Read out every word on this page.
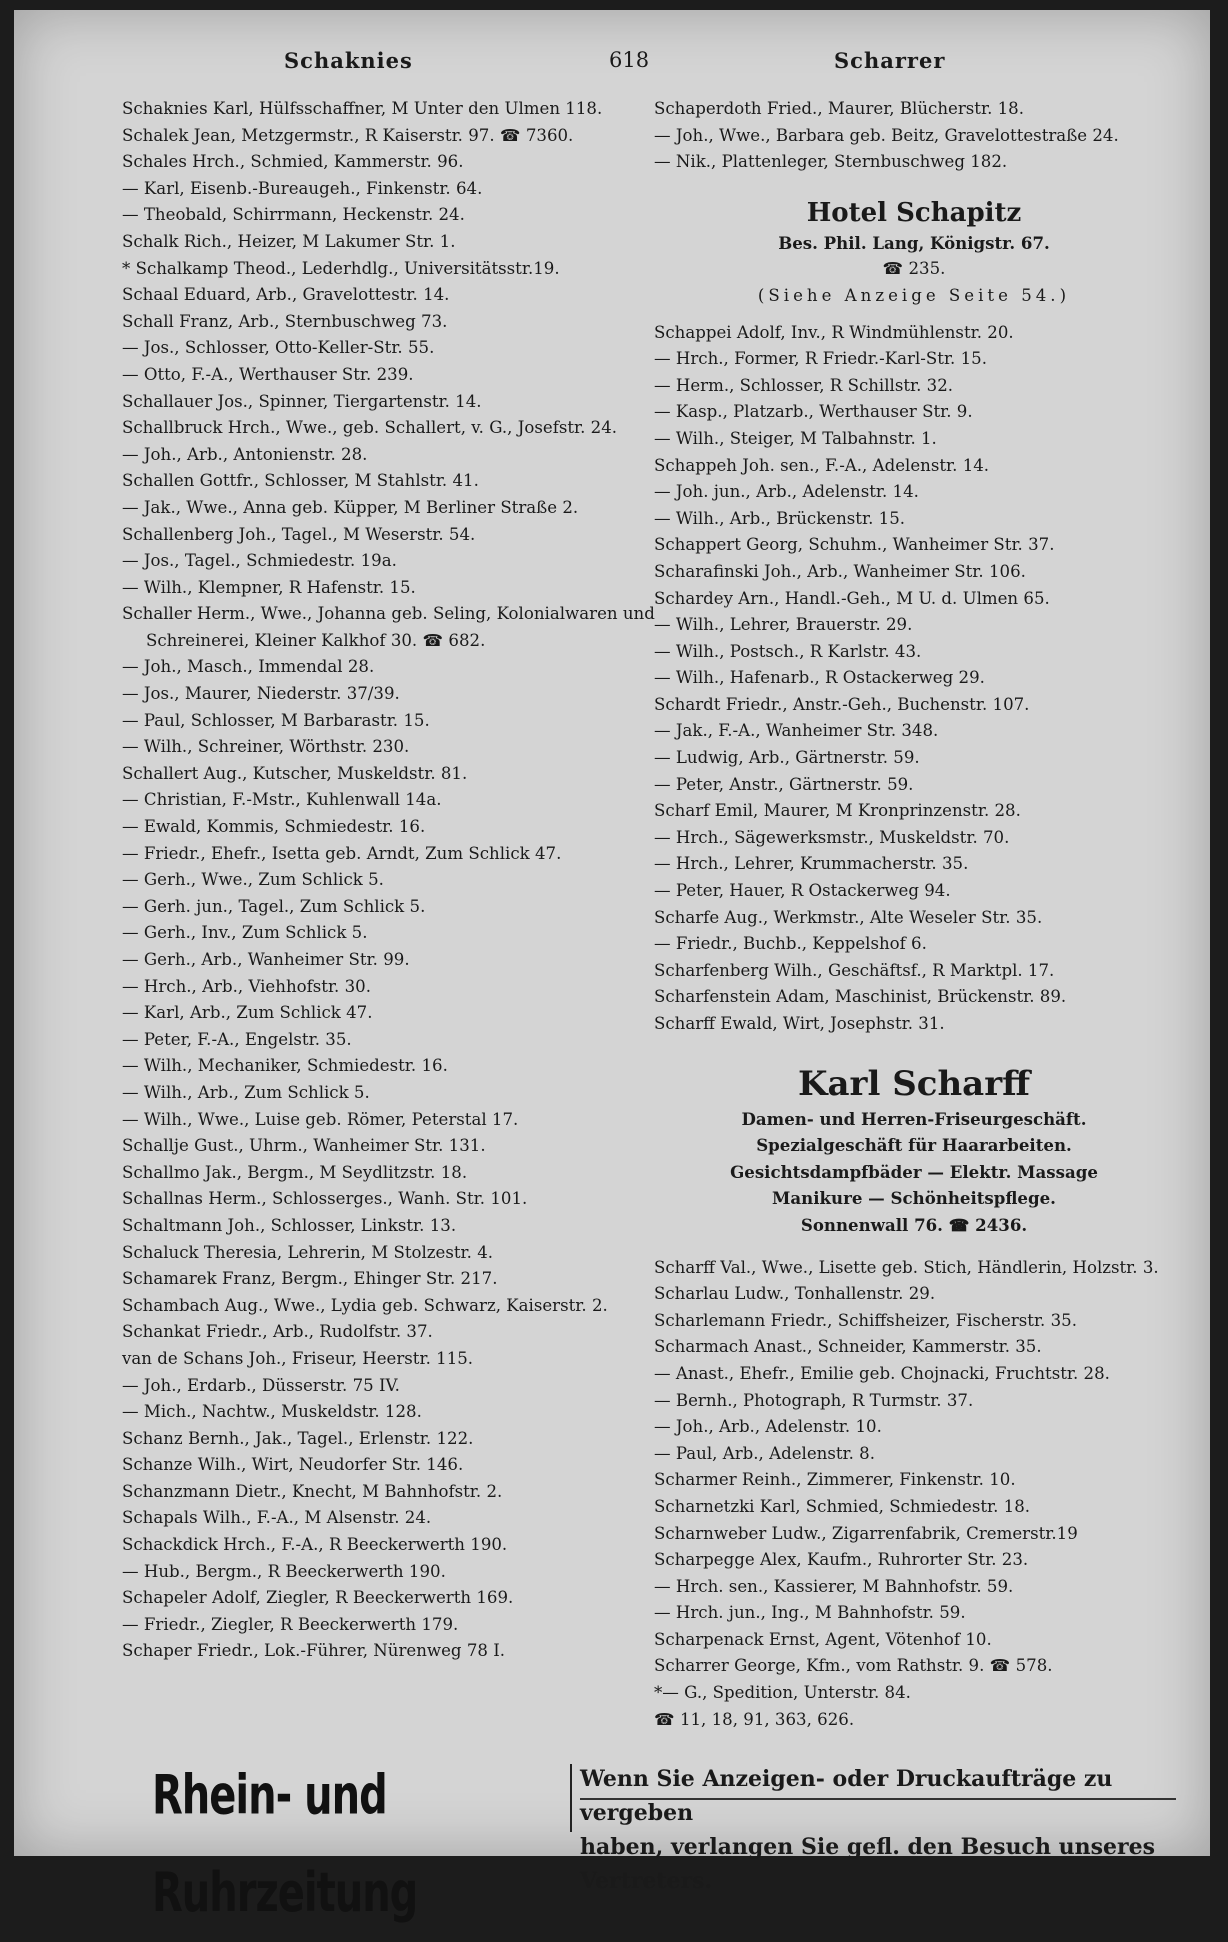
Schaknies	618	Scharrer

Schaknies Karl, Hülfsschaffner, M Unter den Ulmen 118.

Schalek Jean, Metzgermstr., R Kaiserstr. 97. ☎ 7360.

Schales Hrch., Schmied, Kammerstr. 96.

— Karl, Eisenb.-Bureaugeh., Finkenstr. 64.

— Theobald, Schirrmann, Heckenstr. 24.

Schalk Rich., Heizer, M Lakumer Str. 1.

* Schalkamp Theod., Lederhdlg., Universitätsstr.19.

Schaal Eduard, Arb., Gravelottestr. 14.

Schall Franz, Arb., Sternbuschweg 73.

— Jos., Schlosser, Otto-Keller-Str. 55.

— Otto, F.-A., Werthauser Str. 239.

Schallauer Jos., Spinner, Tiergartenstr. 14.

Schallbruck Hrch., Wwe., geb. Schallert, v. G., Josefstr. 24.

— Joh., Arb., Antonienstr. 28.

Schallen Gottfr., Schlosser, M Stahlstr. 41.

— Jak., Wwe., Anna geb. Küpper, M Berliner Straße 2.

Schallenberg Joh., Tagel., M Weserstr. 54.

— Jos., Tagel., Schmiedestr. 19a.

— Wilh., Klempner, R Hafenstr. 15.

Schaller Herm., Wwe., Johanna geb. Seling, Kolonialwaren und Schreinerei, Kleiner Kalkhof 30. ☎ 682.

— Joh., Masch., Immendal 28.

— Jos., Maurer, Niederstr. 37/39.

— Paul, Schlosser, M Barbarastr. 15.

— Wilh., Schreiner, Wörthstr. 230.

Schallert Aug., Kutscher, Muskeldstr. 81.

— Christian, F.-Mstr., Kuhlenwall 14a.

— Ewald, Kommis, Schmiedestr. 16.

— Friedr., Ehefr., Isetta geb. Arndt, Zum Schlick 47.

— Gerh., Wwe., Zum Schlick 5.

— Gerh. jun., Tagel., Zum Schlick 5.

— Gerh., Inv., Zum Schlick 5.

— Gerh., Arb., Wanheimer Str. 99.

— Hrch., Arb., Viehhofstr. 30.

— Karl, Arb., Zum Schlick 47.

— Peter, F.-A., Engelstr. 35.

— Wilh., Mechaniker, Schmiedestr. 16.

— Wilh., Arb., Zum Schlick 5.

— Wilh., Wwe., Luise geb. Römer, Peterstal 17.

Schallje Gust., Uhrm., Wanheimer Str. 131.

Schallmo Jak., Bergm., M Seydlitzstr. 18.

Schallnas Herm., Schlosserges., Wanh. Str. 101.

Schaltmann Joh., Schlosser, Linkstr. 13.

Schaluck Theresia, Lehrerin, M Stolzestr. 4.

Schamarek Franz, Bergm., Ehinger Str. 217.

Schambach Aug., Wwe., Lydia geb. Schwarz, Kaiserstr. 2.

Schankat Friedr., Arb., Rudolfstr. 37.

van de Schans Joh., Friseur, Heerstr. 115.

— Joh., Erdarb., Düsserstr. 75 IV.

— Mich., Nachtw., Muskeldstr. 128.

Schanz Bernh., Jak., Tagel., Erlenstr. 122.

Schanze Wilh., Wirt, Neudorfer Str. 146.

Schanzmann Dietr., Knecht, M Bahnhofstr. 2.

Schapals Wilh., F.-A., M Alsenstr. 24.

Schackdick Hrch., F.-A., R Beeckerwerth 190.

— Hub., Bergm., R Beeckerwerth 190.

Schapeler Adolf, Ziegler, R Beeckerwerth 169.

— Friedr., Ziegler, R Beeckerwerth 179.

Schaper Friedr., Lok.-Führer, Nürenweg 78 I.

Schaperdoth Fried., Maurer, Blücherstr. 18.

— Joh., Wwe., Barbara geb. Beitz, Gravelottestraße 24.

— Nik., Plattenleger, Sternbuschweg 182.

Hotel Schapitz
Bes. Phil. Lang, Königstr. 67.
☎ 235.
(Siehe Anzeige Seite 54.)

Schappei Adolf, Inv., R Windmühlenstr. 20.

— Hrch., Former, R Friedr.-Karl-Str. 15.

— Herm., Schlosser, R Schillstr. 32.

— Kasp., Platzarb., Werthauser Str. 9.

— Wilh., Steiger, M Talbahnstr. 1.

Schappeh Joh. sen., F.-A., Adelenstr. 14.

— Joh. jun., Arb., Adelenstr. 14.

— Wilh., Arb., Brückenstr. 15.

Schappert Georg, Schuhm., Wanheimer Str. 37.

Scharafinski Joh., Arb., Wanheimer Str. 106.

Schardey Arn., Handl.-Geh., M U. d. Ulmen 65.

— Wilh., Lehrer, Brauerstr. 29.

— Wilh., Postsch., R Karlstr. 43.

— Wilh., Hafenarb., R Ostackerweg 29.

Schardt Friedr., Anstr.-Geh., Buchenstr. 107.

— Jak., F.-A., Wanheimer Str. 348.

— Ludwig, Arb., Gärtnerstr. 59.

— Peter, Anstr., Gärtnerstr. 59.

Scharf Emil, Maurer, M Kronprinzenstr. 28.

— Hrch., Sägewerksmstr., Muskeldstr. 70.

— Hrch., Lehrer, Krummacherstr. 35.

— Peter, Hauer, R Ostackerweg 94.

Scharfe Aug., Werkmstr., Alte Weseler Str. 35.

— Friedr., Buchb., Keppelshof 6.

Scharfenberg Wilh., Geschäftsf., R Marktpl. 17.

Scharfenstein Adam, Maschinist, Brückenstr. 89.

Scharff Ewald, Wirt, Josephstr. 31.

Karl Scharff
Damen- und Herren-Friseurgeschäft.
Spezialgeschäft für Haararbeiten.
Gesichtsdampfbäder — Elektr. Massage
Manikure — Schönheitspflege.
Sonnenwall 76. ☎ 2436.

Scharff Val., Wwe., Lisette geb. Stich, Händlerin, Holzstr. 3.

Scharlau Ludw., Tonhallenstr. 29.

Scharlemann Friedr., Schiffsheizer, Fischerstr. 35.

Scharmach Anast., Schneider, Kammerstr. 35.

— Anast., Ehefr., Emilie geb. Chojnacki, Fruchtstr. 28.

— Bernh., Photograph, R Turmstr. 37.

— Joh., Arb., Adelenstr. 10.

— Paul, Arb., Adelenstr. 8.

Scharmer Reinh., Zimmerer, Finkenstr. 10.

Scharnetzki Karl, Schmied, Schmiedestr. 18.

Scharnweber Ludw., Zigarrenfabrik, Cremerstr.19

Scharpegge Alex, Kaufm., Ruhrorter Str. 23.

— Hrch. sen., Kassierer, M Bahnhofstr. 59.

— Hrch. jun., Ing., M Bahnhofstr. 59.

Scharpenack Ernst, Agent, Vötenhof 10.

Scharrer George, Kfm., vom Rathstr. 9. ☎ 578.

*— G., Spedition, Unterstr. 84.

☎ 11, 18, 91, 363, 626.

Rhein- und Ruhrzeitung
Wenn Sie Anzeigen- oder Druckaufträge zu vergeben
haben, verlangen Sie gefl. den Besuch unseres Vertreters.
